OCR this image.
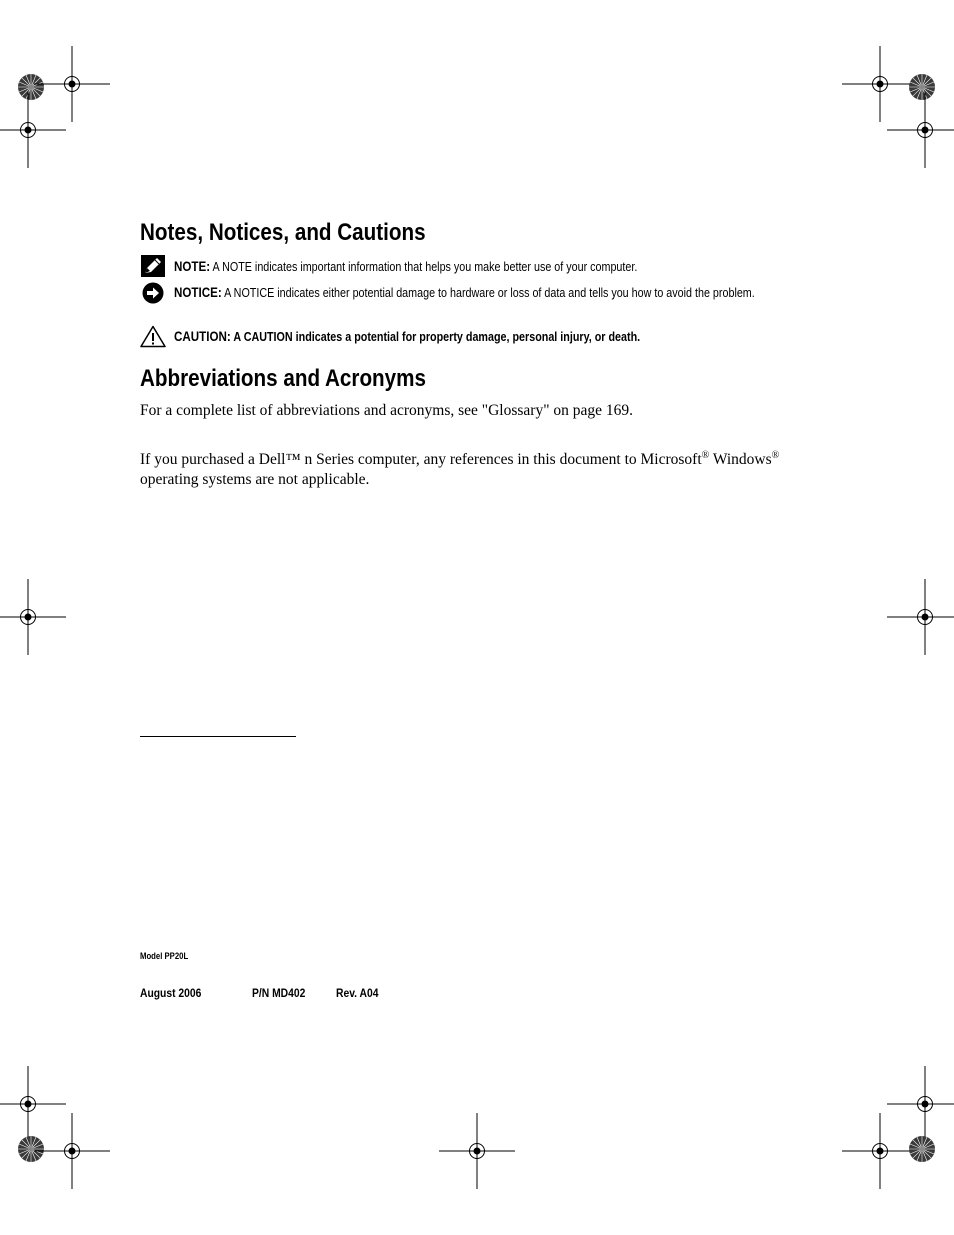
Notes, Notices, and Cautions

NOTE: A NOTE indicates important information that helps you make better use of your computer.

NOTICE: A NOTICE indicates either potential damage to hardware or loss of data and tells you how to avoid the problem.

CAUTION: A CAUTION indicates a potential for property damage, personal injury, or death.

Abbreviations and Acronyms

For a complete list of abbreviations and acronyms, see "Glossary" on page 169.

If you purchased a Dell™ n Series computer, any references in this document to Microsoft® Windows® operating systems are not applicable.

Model PP20L

August 2006	P/N MD402	Rev. A04
